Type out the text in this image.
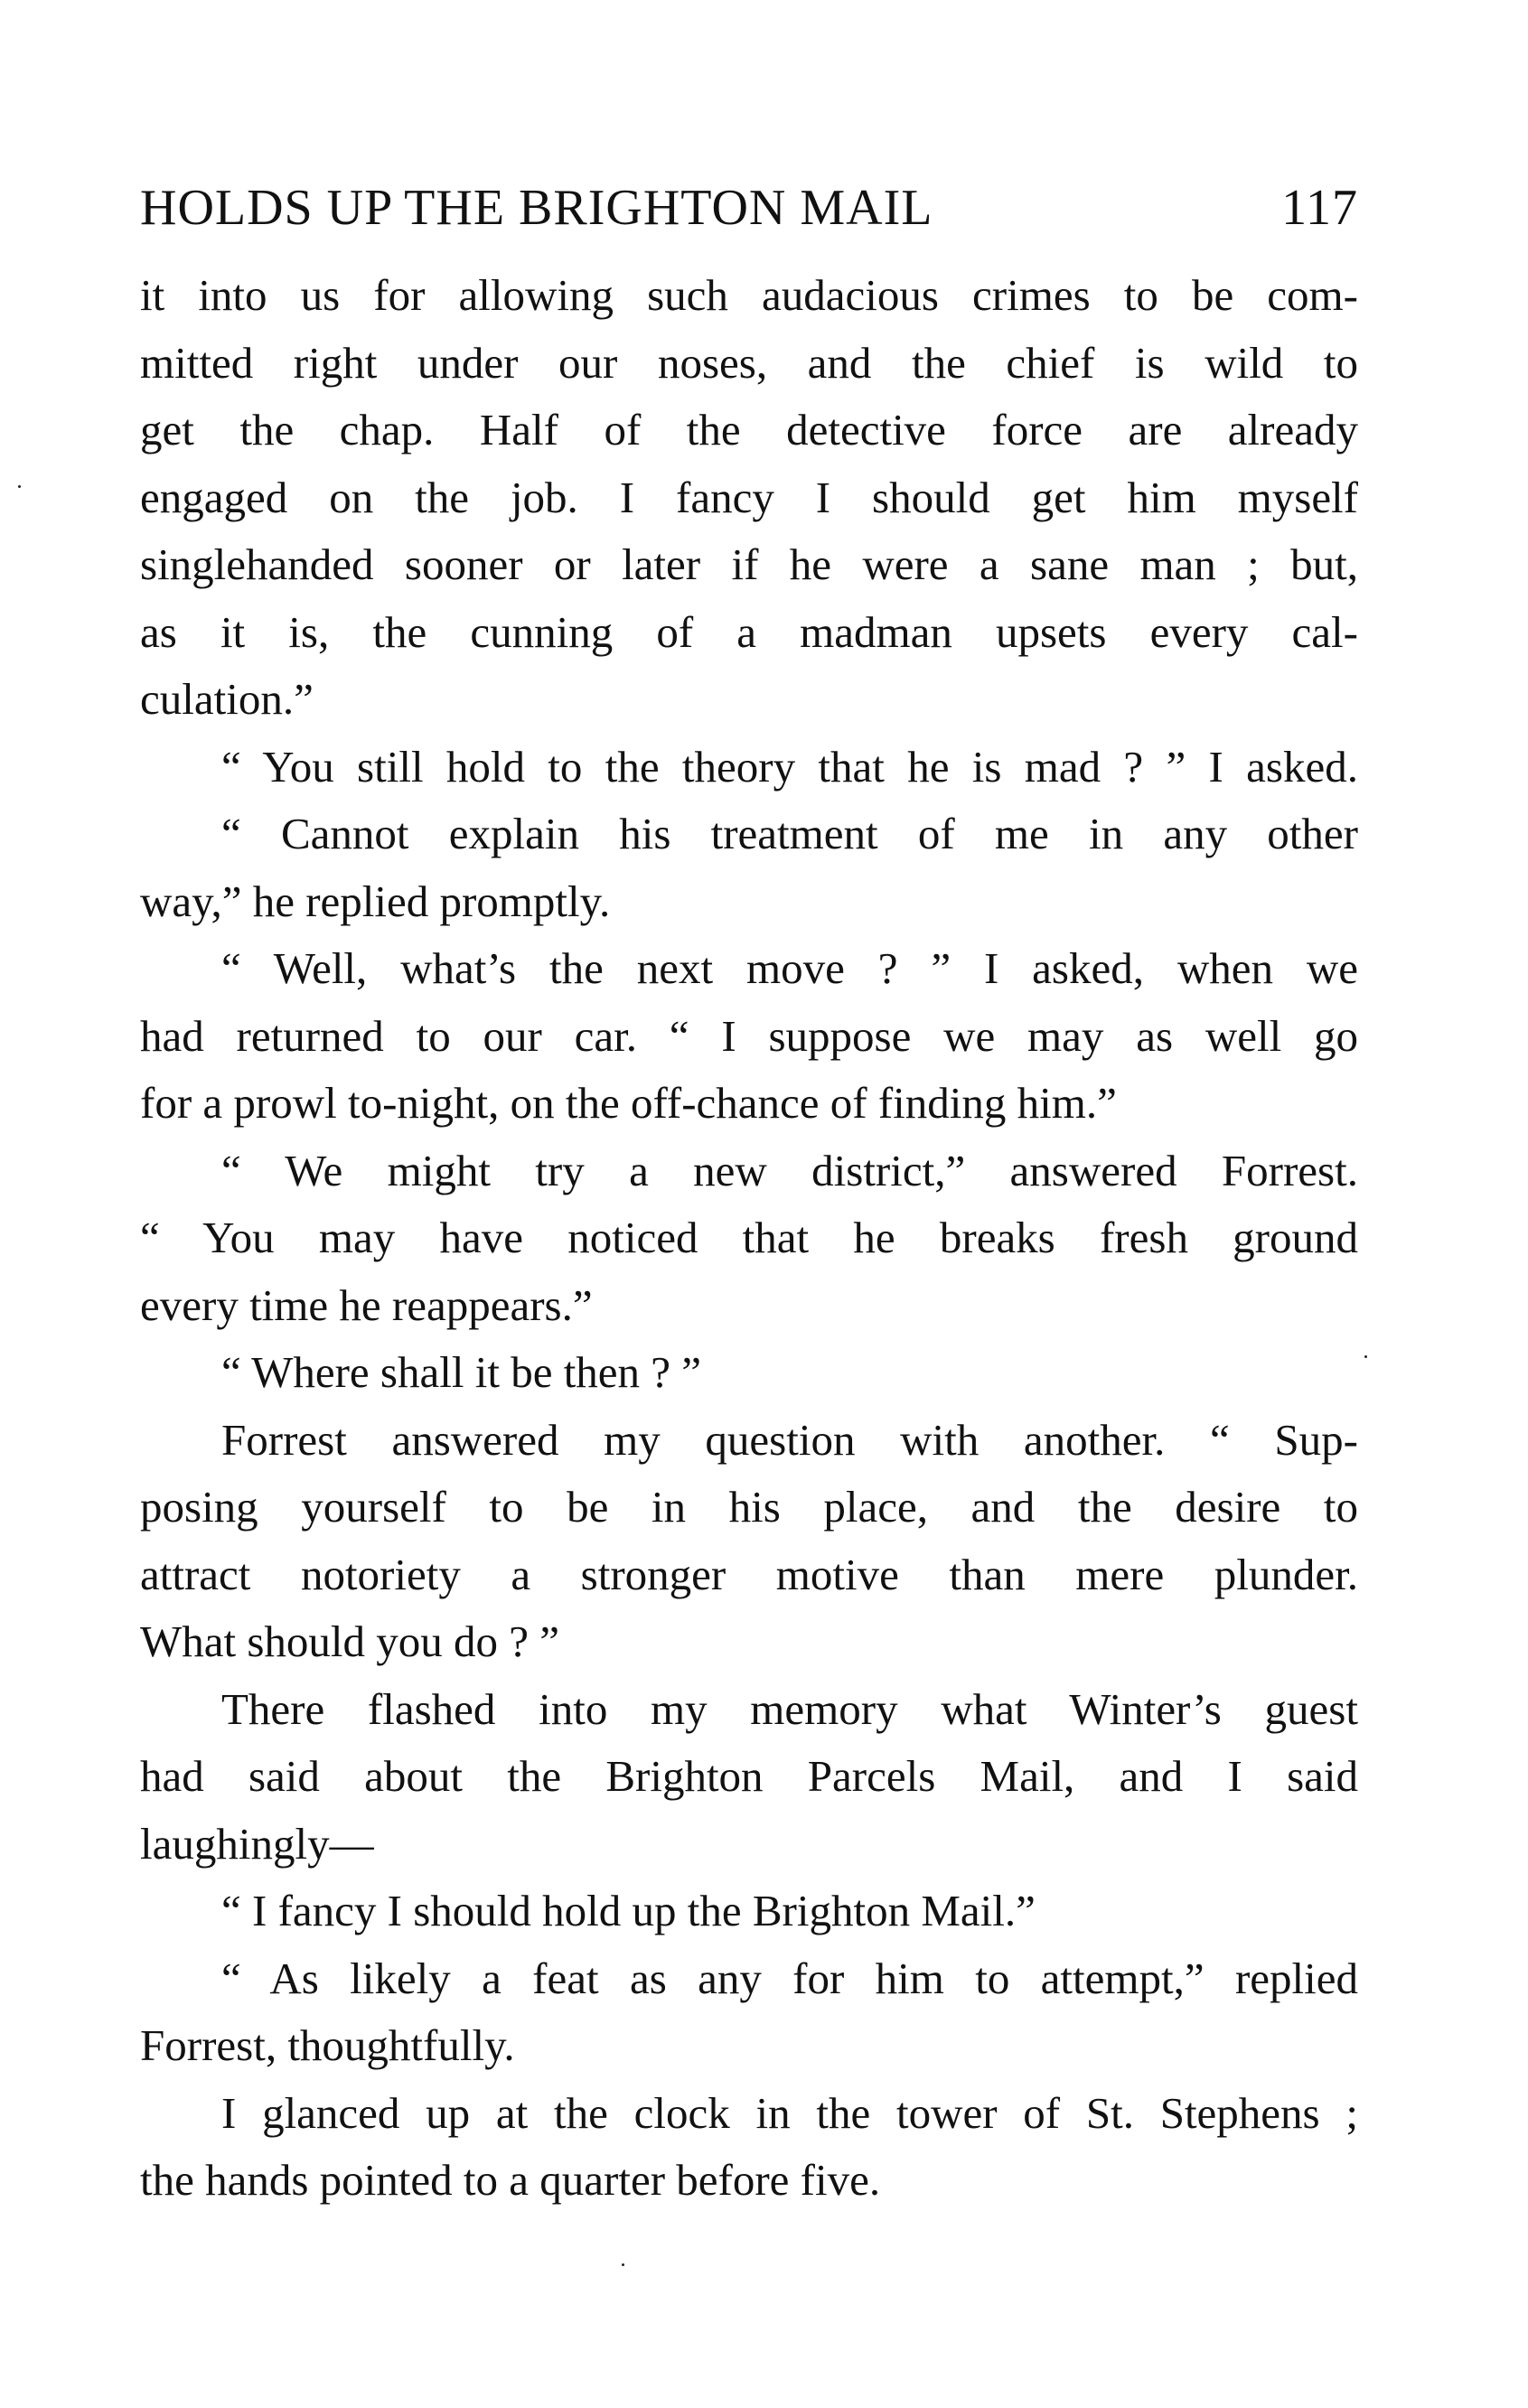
HOLDS UP THE BRIGHTON MAIL	117
it into us for allowing such audacious crimes to be com-
mitted right under our noses, and the chief is wild to
get the chap. Half of the detective force are already
engaged on the job. I fancy I should get him myself
singlehanded sooner or later if he were a sane man ; but,
as it is, the cunning of a madman upsets every cal-
culation.”
“ You still hold to the theory that he is mad ? ” I asked.
“ Cannot explain his treatment of me in any other
way,” he replied promptly.
“ Well, what’s the next move ? ” I asked, when we
had returned to our car. “ I suppose we may as well go
for a prowl to-night, on the off-chance of finding him.”
“ We might try a new district,” answered Forrest.
“ You may have noticed that he breaks fresh ground
every time he reappears.”
“ Where shall it be then ? ”
Forrest answered my question with another. “ Sup-
posing yourself to be in his place, and the desire to
attract notoriety a stronger motive than mere plunder.
What should you do ? ”
There flashed into my memory what Winter’s guest
had said about the Brighton Parcels Mail, and I said
laughingly—
“ I fancy I should hold up the Brighton Mail.”
“ As likely a feat as any for him to attempt,” replied
Forrest, thoughtfully.
I glanced up at the clock in the tower of St. Stephens ;
the hands pointed to a quarter before five.
